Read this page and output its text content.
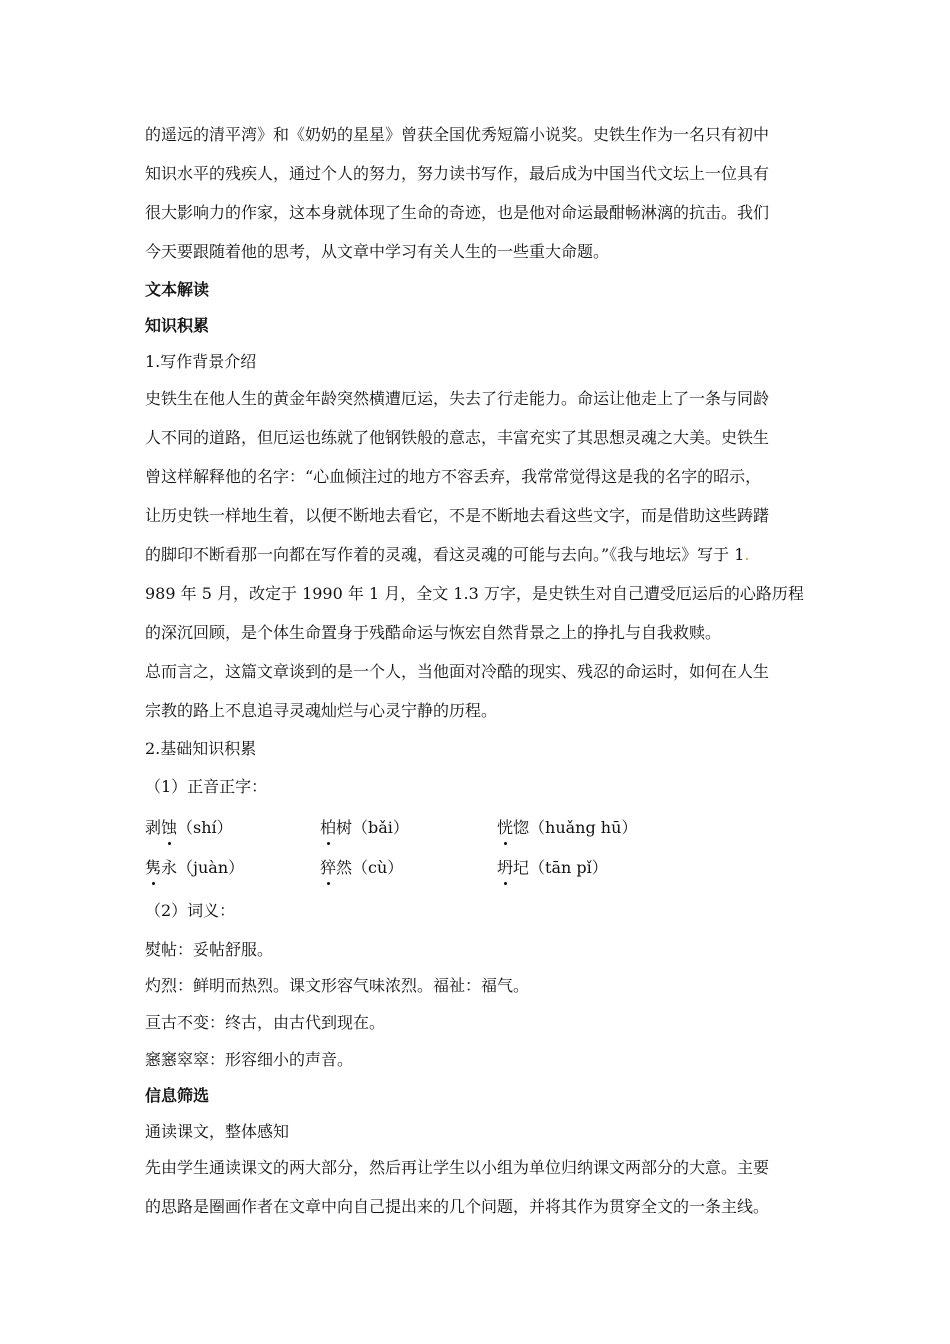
的遥远的清平湾》和《奶奶的星星》曾获全国优秀短篇小说奖。史铁生作为一名只有初中
知识水平的残疾人，通过个人的努力，努力读书写作，最后成为中国当代文坛上一位具有
很大影响力的作家，这本身就体现了生命的奇迹，也是他对命运最酣畅淋漓的抗击。我们
今天要跟随着他的思考，从文章中学习有关人生的一些重大命题。
文本解读
知识积累
1.写作背景介绍
史铁生在他人生的黄金年龄突然横遭厄运，失去了行走能力。命运让他走上了一条与同龄
人不同的道路，但厄运也练就了他钢铁般的意志，丰富充实了其思想灵魂之大美。史铁生
曾这样解释他的名字：“心血倾注过的地方不容丢弃，我常常觉得这是我的名字的昭示，
让历史铁一样地生着，以便不断地去看它，不是不断地去看这些文字，而是借助这些踌躇
的脚印不断看那一向都在写作着的灵魂，看这灵魂的可能与去向。”《我与地坛》写于 1.
989 年 5 月，改定于 1990 年 1 月，全文 1.3 万字，是史铁生对自己遭受厄运后的心路历程
的深沉回顾，是个体生命置身于残酷命运与恢宏自然背景之上的挣扎与自我救赎。
总而言之，这篇文章谈到的是一个人，当他面对冷酷的现实、残忍的命运时，如何在人生
宗教的路上不息追寻灵魂灿烂与心灵宁静的历程。
2.基础知识积累
（1）正音正字：
剥蚀（shí）	柏树（bǎi）	恍惚（huǎng hū）
隽永（juàn）	猝然（cù）	坍圮（tān pǐ）
（2）词义：
熨帖：妥帖舒服。
灼烈：鲜明而热烈。课文形容气味浓烈。福祉：福气。
亘古不变：终古，由古代到现在。
窸窸窣窣：形容细小的声音。
信息筛选
通读课文，整体感知
先由学生通读课文的两大部分，然后再让学生以小组为单位归纳课文两部分的大意。主要
的思路是圈画作者在文章中向自己提出来的几个问题，并将其作为贯穿全文的一条主线。
